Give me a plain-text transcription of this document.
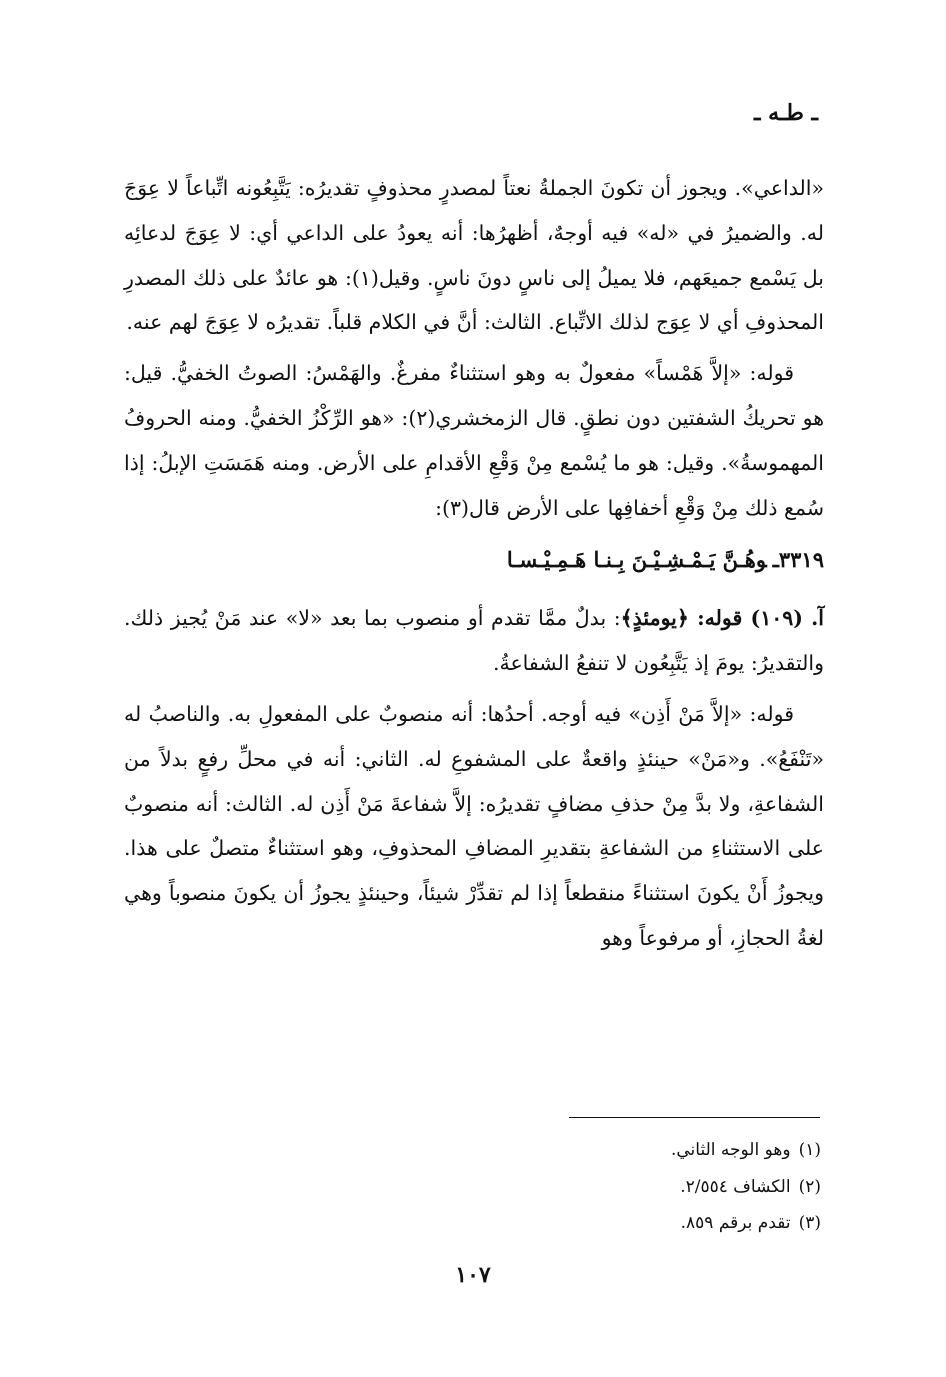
ـ طـه ـ

«الداعي». ويجوز أن تكونَ الجملةُ نعتاً لمصدرٍ محذوفٍ تقديرُه: يَتَّبِعُونه اتِّباعاً لا عِوَجَ له. والضميرُ في «له» فيه أوجهٌ، أظهرُها: أنه يعودُ على الداعي أي: لا عِوَجَ لدعائِه بل يَسْمع جميعَهم، فلا يميلُ إلى ناسٍ دونَ ناسٍ. وقيل(١): هو عائدٌ على ذلك المصدرِ المحذوفِ أي لا عِوَج لذلك الاتِّباع. الثالث: أنَّ في الكلام قلباً. تقديرُه لا عِوَجَ لهم عنه.

قوله: «إلاَّ هَمْساً» مفعولٌ به وهو استثناءٌ مفرغٌ. والهَمْسُ: الصوتُ الخفيُّ. قيل: هو تحريكُ الشفتين دون نطقٍ. قال الزمخشري(٢): «هو الرِّكْزُ الخفيُّ. ومنه الحروفُ المهموسةُ». وقيل: هو ما يُسْمع مِنْ وَقْعِ الأقدامِ على الأرض. ومنه هَمَسَتِ الإبلُ: إذا سُمع ذلك مِنْ وَقْعِ أخفافِها على الأرض قال(٣):

٣٣١٩ـوهُـنَّ يَـمْـشِـيْـنَ بِـنـا هَـمِـيْـسـا

آ. (١٠٩) قوله: ﴿يومئذٍ﴾: بدلٌ ممَّا تقدم أو منصوب بما بعد «لا» عند مَنْ يُجيز ذلك. والتقديرُ: يومَ إذ يَتَّبِعُون لا تنفعُ الشفاعةُ.

قوله: «إلاَّ مَنْ أَذِن» فيه أوجه. أحدُها: أنه منصوبٌ على المفعولِ به. والناصبُ له «تَنْفَعُ». و«مَنْ» حينئذٍ واقعةٌ على المشفوعِ له. الثاني: أنه في محلِّ رفعٍ بدلاً من الشفاعةِ، ولا بدَّ مِنْ حذفِ مضافٍ تقديرُه: إلاَّ شفاعةَ مَنْ أَذِن له. الثالث: أنه منصوبٌ على الاستثناءِ من الشفاعةِ بتقديرِ المضافِ المحذوفِ، وهو استثناءٌ متصلٌ على هذا. ويجوزُ أَنْ يكونَ استثناءً منقطعاً إذا لم تقدِّرْ شيئاً، وحينئذٍ يجوزُ أن يكونَ منصوباً وهي لغةُ الحجازِ، أو مرفوعاً وهو

(١)وهو الوجه الثاني.

(٢)الكشاف ٢/٥٥٤.

(٣)تقدم برقم ٨٥٩.

١٠٧
